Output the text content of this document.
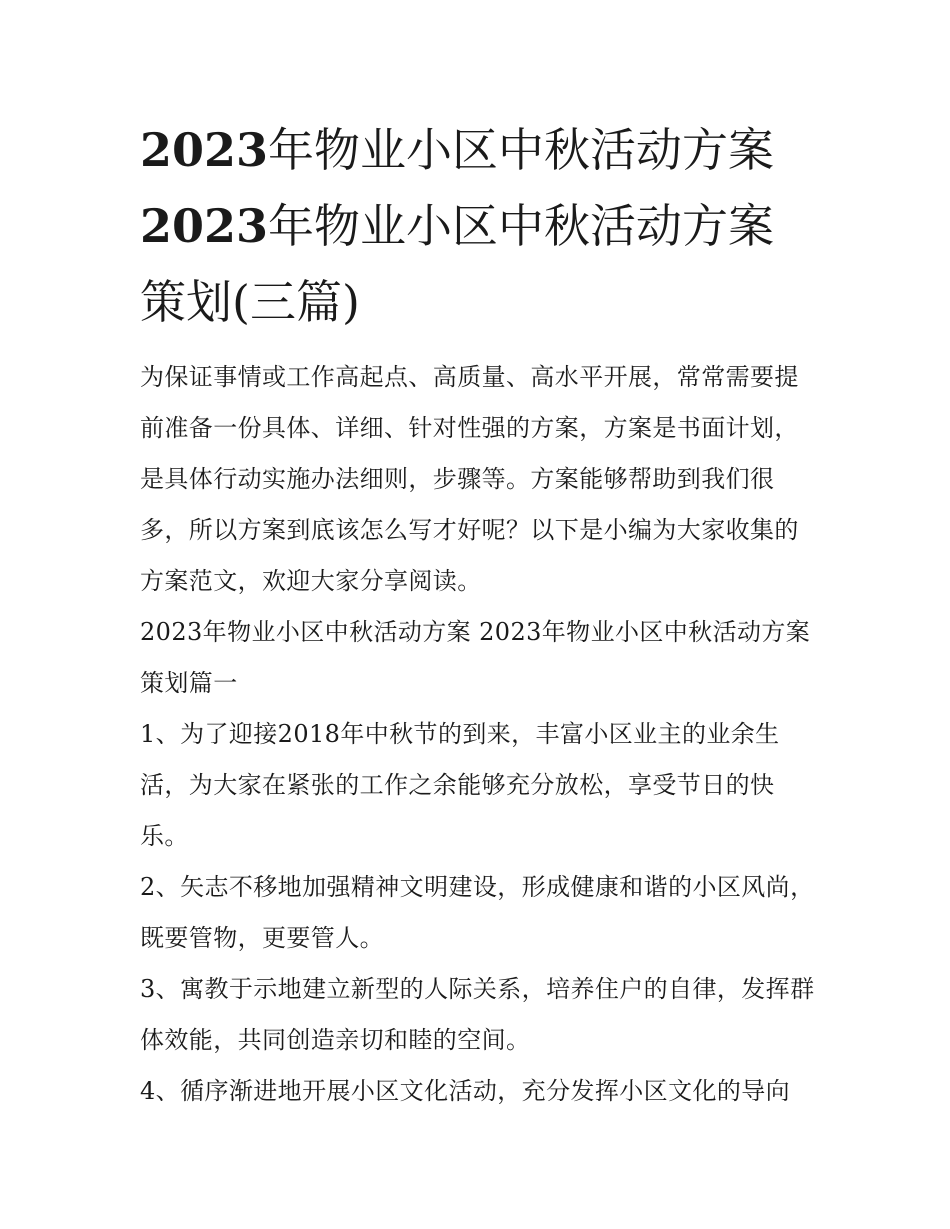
2023年物业小区中秋活动方案
2023年物业小区中秋活动方案
策划(三篇)

为保证事情或工作高起点、高质量、高水平开展，常常需要提前准备一份具体、详细、针对性强的方案，方案是书面计划，是具体行动实施办法细则，步骤等。方案能够帮助到我们很多，所以方案到底该怎么写才好呢？以下是小编为大家收集的方案范文，欢迎大家分享阅读。

2023年物业小区中秋活动方案 2023年物业小区中秋活动方案策划篇一

1、为了迎接2018年中秋节的到来，丰富小区业主的业余生活，为大家在紧张的工作之余能够充分放松，享受节日的快乐。

2、矢志不移地加强精神文明建设，形成健康和谐的小区风尚，既要管物，更要管人。

3、寓教于示地建立新型的人际关系，培养住户的自律，发挥群体效能，共同创造亲切和睦的空间。

4、循序渐进地开展小区文化活动，充分发挥小区文化的导向
